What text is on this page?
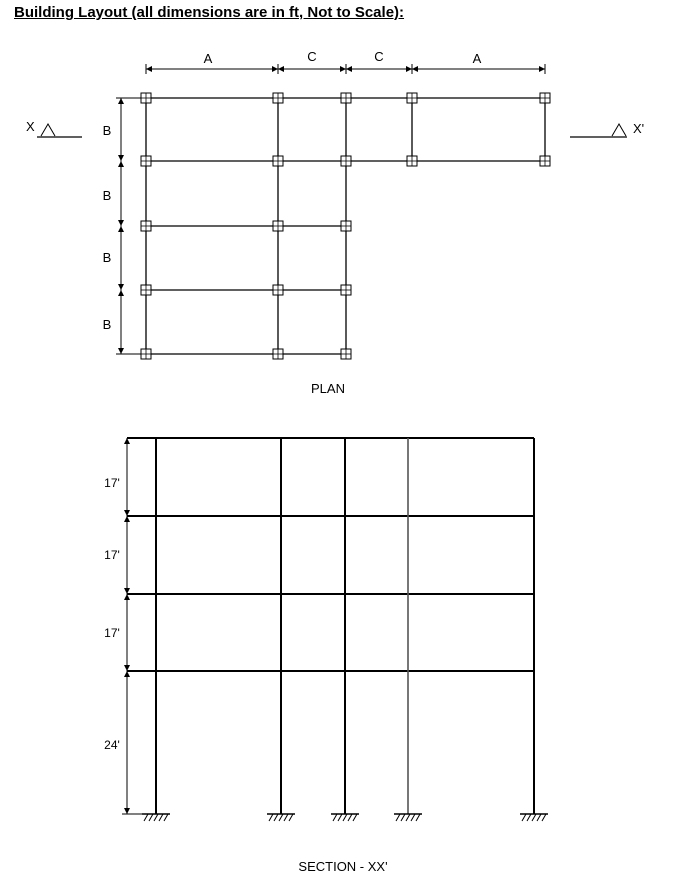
Building Layout (all dimensions are in ft, Not to Scale):
A	C	C	A
B
B
B
B
X	X'
PLAN
17'
17'
17'
24'
SECTION - XX'
